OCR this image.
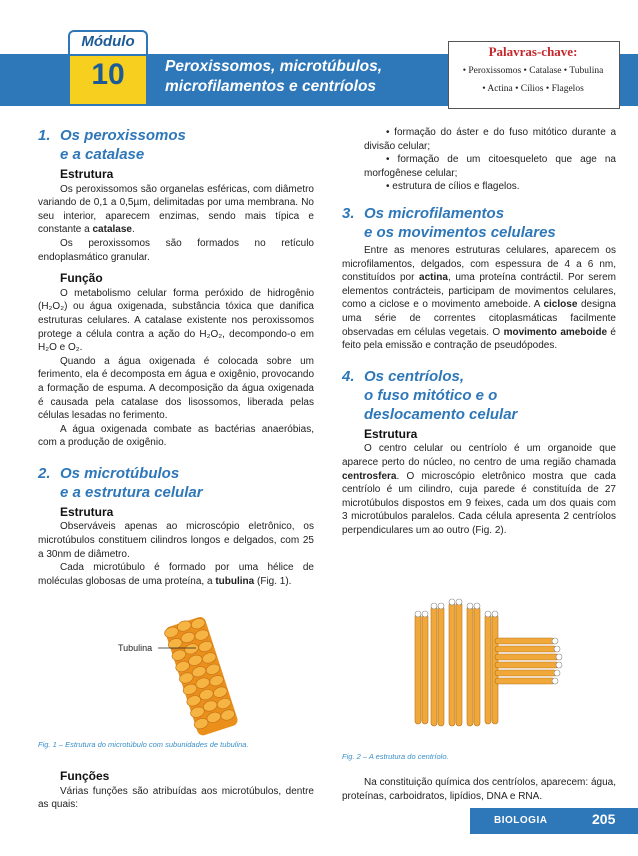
Módulo
10	Peroxissomos, microtúbulos,
microfilamentos e centríolos
Palavras-chave:
• Peroxissomos • Catalase • Tubulina
• Actina • Cílios • Flagelos
1. Os peroxissomos
e a catalase
Estrutura

Os peroxissomos são organelas esféricas, com diâmetro variando de 0,1 a 0,5µm, delimitadas por uma membrana. No seu interior, aparecem enzimas, sendo mais típica e constante a catalase.

Os peroxissomos são formados no retículo endoplasmático granular.

Função

O metabolismo celular forma peróxido de hidrogênio (H₂O₂) ou água oxigenada, substância tóxica que danifica estruturas celulares. A catalase existente nos peroxissomos protege a célula contra a ação do H₂O₂, decompondo-o em H₂O e O₂.

Quando a água oxigenada é colocada sobre um ferimento, ela é decomposta em água e oxigênio, provocando a formação de espuma. A decomposição da água oxigenada é causada pela catalase dos lisossomos, liberada pelas células lesadas no ferimento.

A água oxigenada combate as bactérias anaeróbias, com a produção de oxigênio.

2. Os microtúbulos
e a estrutura celular
Estrutura

Observáveis apenas ao microscópio eletrônico, os microtúbulos constituem cilindros longos e delgados, com 25 a 30nm de diâmetro.

Cada microtúbulo é formado por uma hélice de moléculas globosas de uma proteína, a tubulina (Fig. 1).

Tubulina
Fig. 1 – Estrutura do microtúbulo com subunidades de tubulina.
Funções

Várias funções são atribuídas aos microtúbulos, dentre as quais:

• formação do áster e do fuso mitótico durante a divisão celular;

• formação de um citoesqueleto que age na morfogênese celular;

• estrutura de cílios e flagelos.

3. Os microfilamentos
e os movimentos celulares

Entre as menores estruturas celulares, aparecem os microfilamentos, delgados, com espessura de 4 a 6 nm, constituídos por actina, uma proteína contráctil. Por serem elementos contrácteis, participam de movimentos celulares, como a ciclose e o movimento ameboide. A ciclose designa uma série de correntes citoplasmáticas facilmente observadas em células vegetais. O movimento ameboide é feito pela emissão e contração de pseudópodes.

4. Os centríolos,
o fuso mitótico e o
deslocamento celular
Estrutura

O centro celular ou centríolo é um organoide que aparece perto do núcleo, no centro de uma região chamada centrosfera. O microscópio eletrônico mostra que cada centríolo é um cilindro, cuja parede é constituída de 27 microtúbulos dispostos em 9 feixes, cada um dos quais com 3 microtúbulos paralelos. Cada célula apresenta 2 centríolos perpendiculares um ao outro (Fig. 2).

Fig. 2 – A estrutura do centríolo.

Na constituição química dos centríolos, aparecem: água, proteínas, carboidratos, lipídios, DNA e RNA.

BIOLOGIA	205
